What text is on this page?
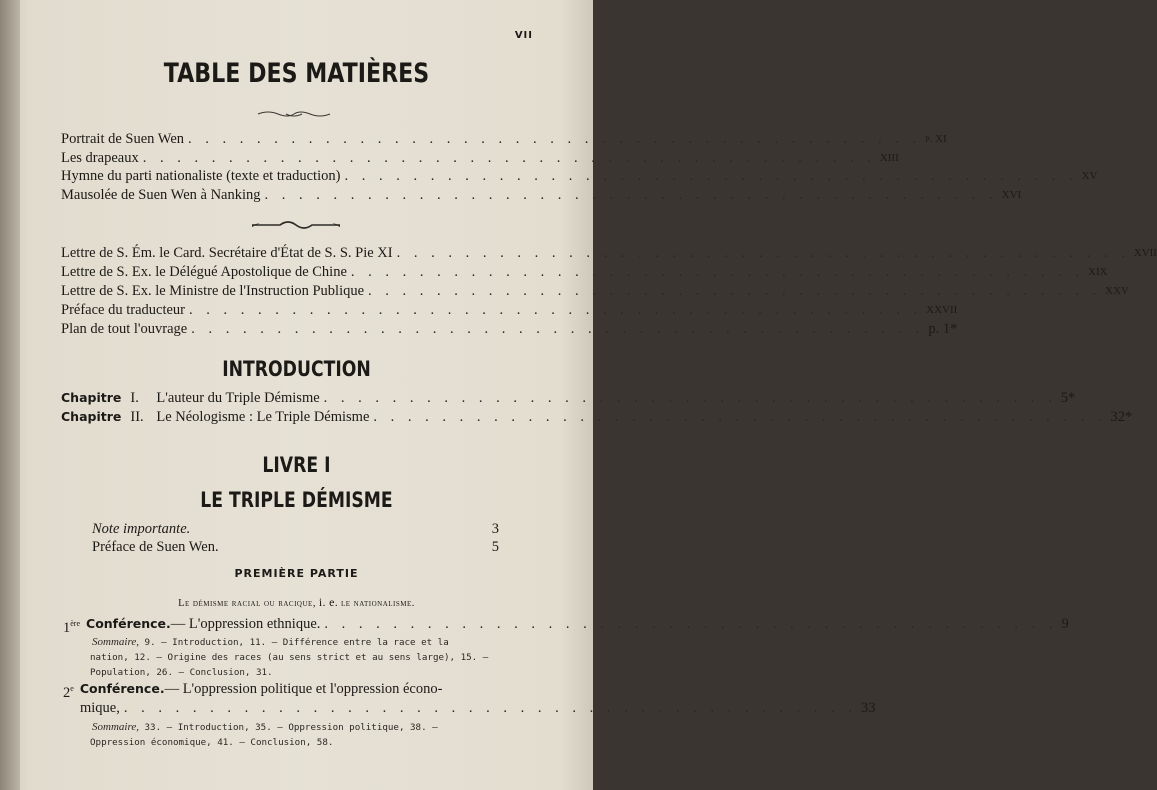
VII
TABLE DES MATIÈRES
Portrait de Suen Wen . . . . . . . . . . . . . . . . . . . . . . . . . . . . . . . . . . . . . . . . . . . p. XI
Les drapeaux . . . . . . . . . . . . . . . . . . . . . . . . . . . . . . . . . . . . . . . . . . . XIII
Hymne du parti nationaliste (texte et traduction) . . . . . . . . . . . . . . . . . . . . . . . . . . . . . . . . . . . . . . . . . . . XV
Mausolée de Suen Wen à Nanking . . . . . . . . . . . . . . . . . . . . . . . . . . . . . . . . . . . . . . . . . . . XVI
Lettre de S. Ém. le Card. Secrétaire d'État de S. S. Pie XI . . . . . . . . . . . . . . . . . . . . . . . . . . . . . . . . . . . . . . . . . . . XVII
Lettre de S. Ex. le Délégué Apostolique de Chine . . . . . . . . . . . . . . . . . . . . . . . . . . . . . . . . . . . . . . . . . . . XIX
Lettre de S. Ex. le Ministre de l'Instruction Publique . . . . . . . . . . . . . . . . . . . . . . . . . . . . . . . . . . . . . . . . . . . XXV
Préface du traducteur . . . . . . . . . . . . . . . . . . . . . . . . . . . . . . . . . . . . . . . . . . . XXVII
Plan de tout l'ouvrage . . . . . . . . . . . . . . . . . . . . . . . . . . . . . . . . . . . . . . . . . . . p. 1*
INTRODUCTION
Chapitre I.	L'auteur du Triple Démisme . . . . . . . . . . . . . . . . . . . . . . . . . . . . . . . . . . . . . . . . . . . 5*
Chapitre II. Le Néologisme : Le Triple Démisme . . . . . . . . . . . . . . . . . . . . . . . . . . . . . . . . . . . . . . . . . . . 32*
LIVRE I
LE TRIPLE DÉMISME
Note importante.	3
Préface de Suen Wen.	5
PREMIÈRE PARTIE
Le démisme racial ou racique, i. e. le nationalisme.
1ère Conférence. — L'oppression ethnique. . . . . . . . . . . . . . . . . . . . . . . . . . . . . . . . . . . . . . . . . . . . 9
Sommaire, 9. — Introduction, 11. — Différence entre la race et la
nation, 12. — Origine des races (au sens strict et au sens large), 15. —
Population, 26. — Conclusion, 31.
2e Conférence. — L'oppression politique et l'oppression écono-
mique, . . . . . . . . . . . . . . . . . . . . . . . . . . . . . . . . . . . . . . . . . . . 33
Sommaire, 33. — Introduction, 35. — Oppression politique, 38. —
Oppression économique, 41. — Conclusion, 58.
